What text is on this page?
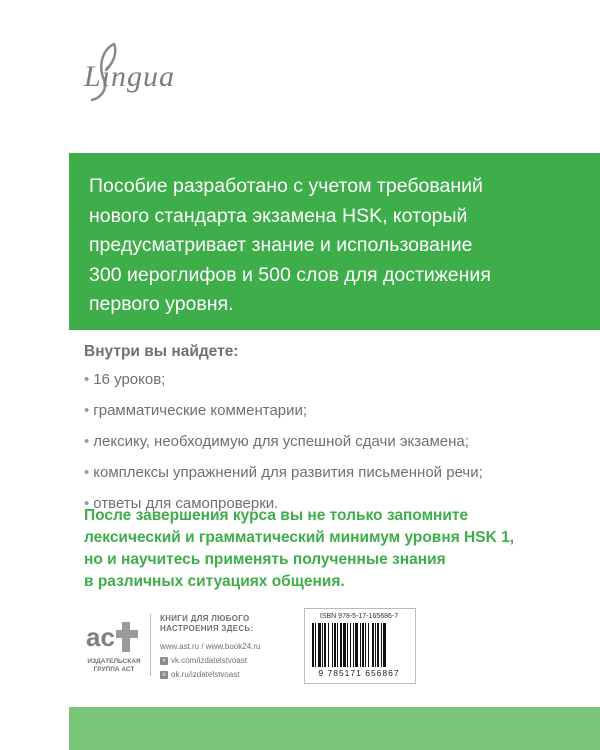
Lingua
Пособие разработано с учетом требований
нового стандарта экзамена HSK, который
предусматривает знание и использование
300 иероглифов и 500 слов для достижения
первого уровня.
Внутри вы найдете:
• 16 уроков;
• грамматические комментарии;
• лексику, необходимую для успешной сдачи экзамена;
• комплексы упражнений для развития письменной речи;
• ответы для самопроверки.
После завершения курса вы не только запомните
лексический и грамматический минимум уровня HSK 1,
но и научитесь применять полученные знания
в различных ситуациях общения.
ac
ИЗДАТЕЛЬСКАЯ
ГРУППА АСТ
КНИГИ ДЛЯ ЛЮБОГО
НАСТРОЕНИЯ ЗДЕСЬ:
www.ast.ru / www.book24.ru
v vk.com/izdatelstvoast
o ok.ru/izdatelstvoast
ISBN 978-5-17-165686-7
9 785171 656867
